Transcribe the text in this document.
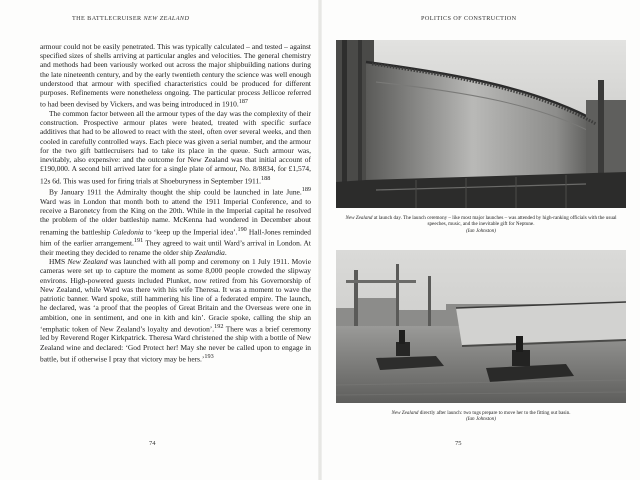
THE BATTLECRUISER NEW ZEALAND

armour could not be easily penetrated. This was typically calculated – and tested – against specified sizes of shells arriving at particular angles and velocities. The general chemistry and methods had been variously worked out across the major shipbuilding nations during the late nineteenth century, and by the early twentieth century the science was well enough understood that armour with specified characteristics could be produced for different purposes. Refinements were nonetheless ongoing. The particular process Jellicoe referred to had been devised by Vickers, and was being introduced in 1910.$^{187}$

The common factor between all the armour types of the day was the complexity of their construction. Prospective armour plates were heated, treated with specific surface additives that had to be allowed to react with the steel, often over several weeks, and then cooled in carefully controlled ways. Each piece was given a serial number, and the armour for the two gift battlecruisers had to take its place in the queue. Such armour was, inevitably, also expensive: and the outcome for New Zealand was that initial account of £190,000. A second bill arrived later for a single plate of armour, No. 8/8834, for £1,574, 12s 6d. This was used for firing trials at Shoeburyness in September 1911.$^{188}$

By January 1911 the Admiralty thought the ship could be launched in late June.$^{189}$ Ward was in London that month both to attend the 1911 Imperial Conference, and to receive a Baronetcy from the King on the 20th. While in the Imperial capital he resolved the problem of the older battleship name. McKenna had wondered in December about renaming the battleship Caledonia to ‘keep up the Imperial idea’.$^{190}$ Hall-Jones reminded him of the earlier arrangement.$^{191}$ They agreed to wait until Ward’s arrival in London. At their meeting they decided to rename the older ship Zealandia.

HMS New Zealand was launched with all pomp and ceremony on 1 July 1911. Movie cameras were set up to capture the moment as some 8,000 people crowded the slipway environs. High-powered guests included Plunket, now retired from his Governorship of New Zealand, while Ward was there with his wife Theresa. It was a moment to wave the patriotic banner. Ward spoke, still hammering his line of a federated empire. The launch, he declared, was ‘a proof that the peoples of Great Britain and the Overseas were one in ambition, one in sentiment, and one in kith and kin’. Gracie spoke, calling the ship an ‘emphatic token of New Zealand’s loyalty and devotion’.$^{192}$ There was a brief ceremony led by Reverend Roger Kirkpatrick. Theresa Ward christened the ship with a bottle of New Zealand wine and declared: ‘God Protect her! May she never be called upon to engage in battle, but if otherwise I pray that victory may be hers.’$^{193}$

74
POLITICS OF CONSTRUCTION
New Zealand at launch day. The launch ceremony – like most major launches – was attended by high-ranking officials with the usual speeches, music, and the inevitable gift for Neptune.
(Ian Johnston)
New Zealand directly after launch: two tugs prepare to move her to the fitting out basin.
(Ian Johnston)
75
